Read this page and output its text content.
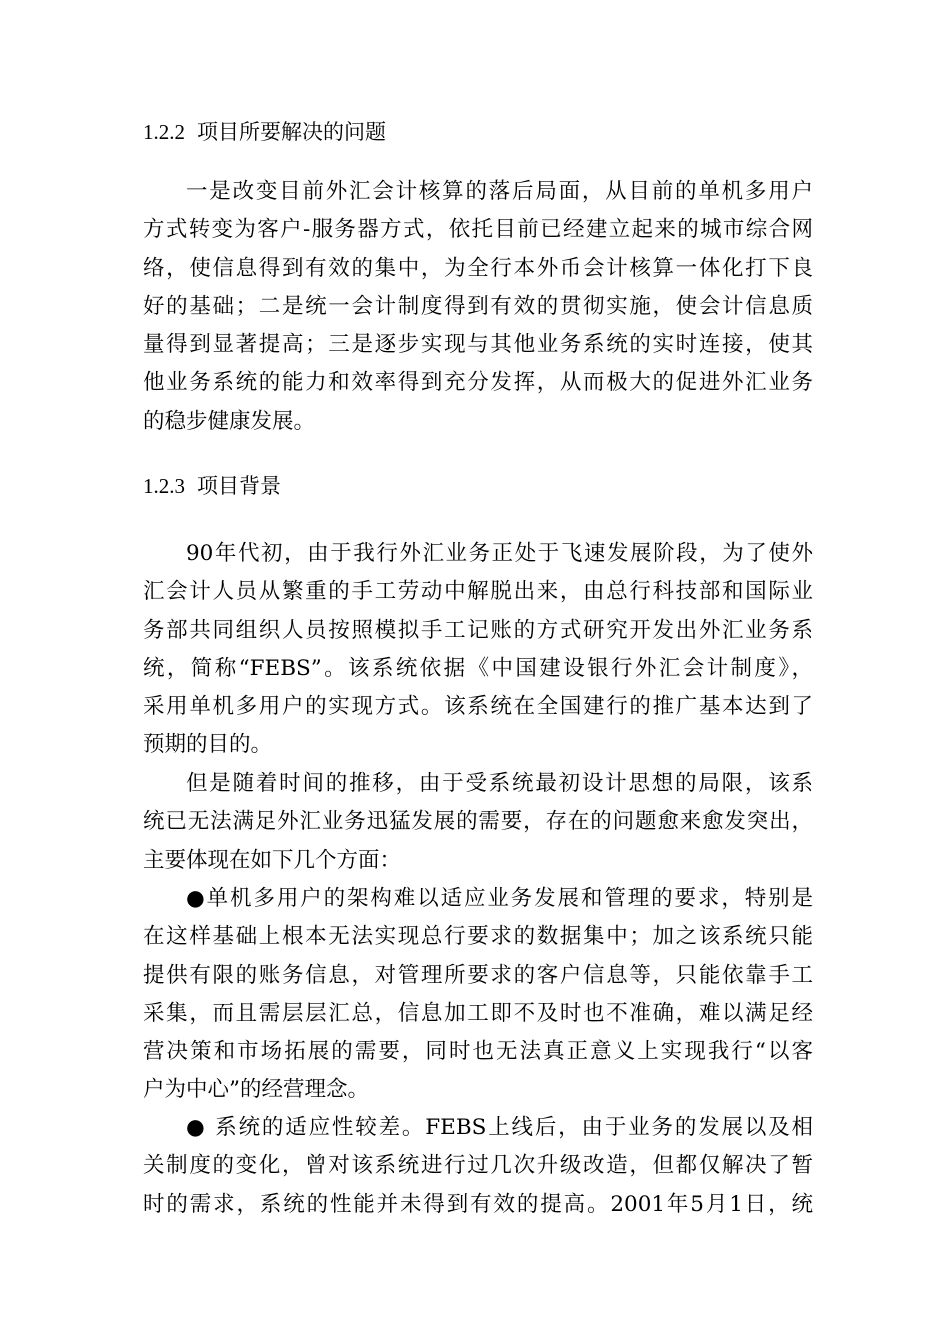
1.2.2 项目所要解决的问题

一是改变目前外汇会计核算的落后局面，从目前的单机多用户
方式转变为客户-服务器方式，依托目前已经建立起来的城市综合网
络，使信息得到有效的集中，为全行本外币会计核算一体化打下良
好的基础；二是统一会计制度得到有效的贯彻实施，使会计信息质
量得到显著提高；三是逐步实现与其他业务系统的实时连接，使其
他业务系统的能力和效率得到充分发挥，从而极大的促进外汇业务
的稳步健康发展。

1.2.3 项目背景

90年代初，由于我行外汇业务正处于飞速发展阶段，为了使外
汇会计人员从繁重的手工劳动中解脱出来，由总行科技部和国际业
务部共同组织人员按照模拟手工记账的方式研究开发出外汇业务系
统，简称“FEBS”。该系统依据《中国建设银行外汇会计制度》，
采用单机多用户的实现方式。该系统在全国建行的推广基本达到了
预期的目的。

但是随着时间的推移，由于受系统最初设计思想的局限，该系
统已无法满足外汇业务迅猛发展的需要，存在的问题愈来愈发突出，
主要体现在如下几个方面：

●单机多用户的架构难以适应业务发展和管理的要求，特别是
在这样基础上根本无法实现总行要求的数据集中；加之该系统只能
提供有限的账务信息，对管理所要求的客户信息等，只能依靠手工
采集，而且需层层汇总，信息加工即不及时也不准确，难以满足经
营决策和市场拓展的需要，同时也无法真正意义上实现我行“以客
户为中心”的经营理念。

● 系统的适应性较差。FEBS上线后，由于业务的发展以及相
关制度的变化，曾对该系统进行过几次升级改造，但都仅解决了暂
时的需求，系统的性能并未得到有效的提高。2001年5月1日，统
